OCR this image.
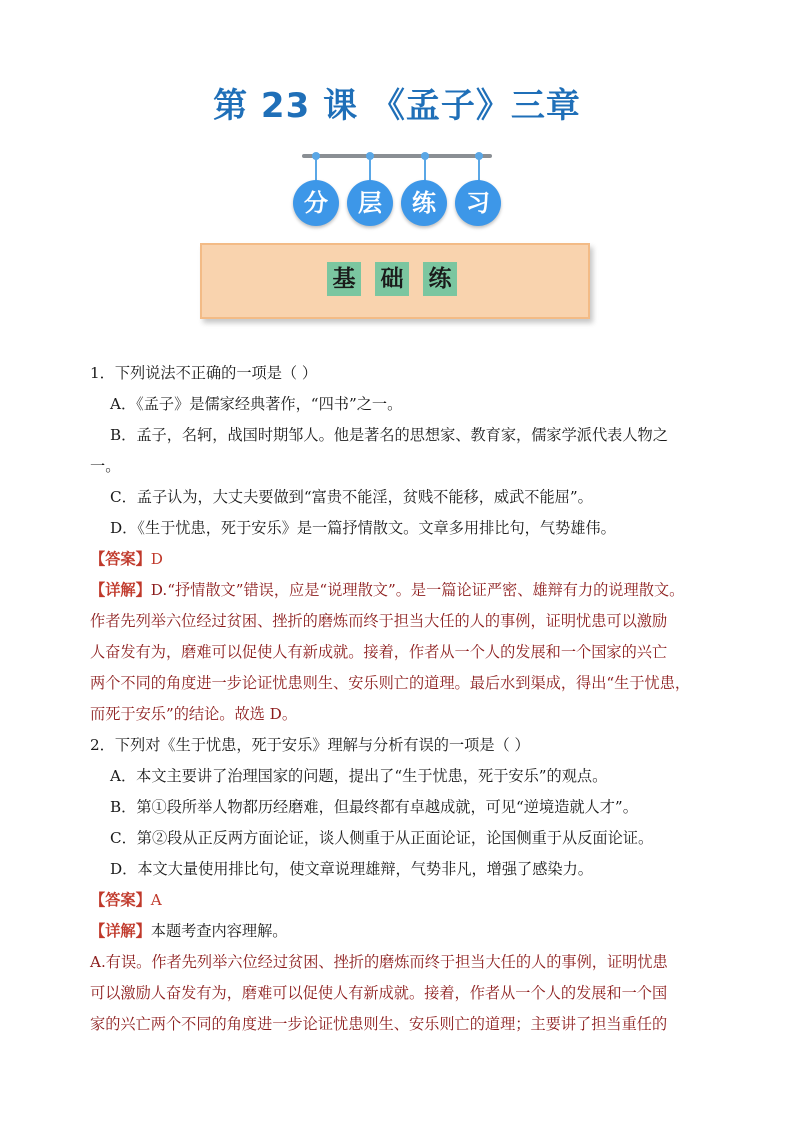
第 23 课 《孟子》三章
分	层	练	习
基 础 练
1．下列说法不正确的一项是（ ）
A．《孟子》是儒家经典著作，“四书”之一。
B．孟子，名轲，战国时期邹人。他是著名的思想家、教育家，儒家学派代表人物之
一。
C．孟子认为，大丈夫要做到“富贵不能淫，贫贱不能移，威武不能屈”。
D．《生于忧患，死于安乐》是一篇抒情散文。文章多用排比句，气势雄伟。
【答案】D
【详解】D.“抒情散文”错误，应是“说理散文”。是一篇论证严密、雄辩有力的说理散文。
作者先列举六位经过贫困、挫折的磨炼而终于担当大任的人的事例，证明忧患可以激励
人奋发有为，磨难可以促使人有新成就。接着，作者从一个人的发展和一个国家的兴亡
两个不同的角度进一步论证忧患则生、安乐则亡的道理。最后水到渠成，得出“生于忧患，
而死于安乐”的结论。故选 D。
2．下列对《生于忧患，死于安乐》理解与分析有误的一项是（ ）
A．本文主要讲了治理国家的问题，提出了“生于忧患，死于安乐”的观点。
B．第①段所举人物都历经磨难，但最终都有卓越成就，可见“逆境造就人才”。
C．第②段从正反两方面论证，谈人侧重于从正面论证，论国侧重于从反面论证。
D．本文大量使用排比句，使文章说理雄辩，气势非凡，增强了感染力。
【答案】A
【详解】本题考查内容理解。
A.有误。作者先列举六位经过贫困、挫折的磨炼而终于担当大任的人的事例，证明忧患
可以激励人奋发有为，磨难可以促使人有新成就。接着，作者从一个人的发展和一个国
家的兴亡两个不同的角度进一步论证忧患则生、安乐则亡的道理；主要讲了担当重任的
